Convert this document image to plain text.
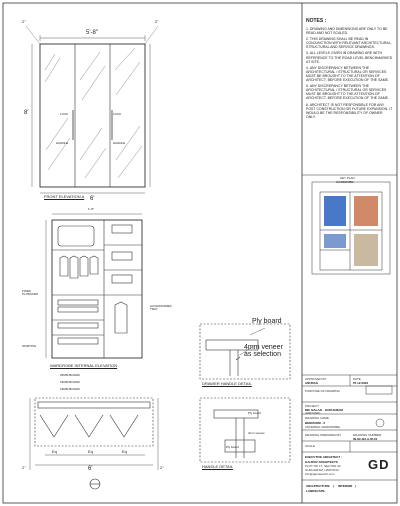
2"	2"
5'-8"
8'	LOCK	LOCK
HANDLE	HANDLE
6'
FRONT ELEVATION A
1'-8"
FIXED PLYBOARD
SKIRTING
ACCESSORIES TRAY
WARDROBE INTERNAL ELEVATION
25MM BOARD
19MM BOARD
19MM BOARD
Eq	Eq	Eq
2"	6'	2"
Ply board
4mm veneer as selection
DRAWER HANDLE DETAIL
Ply board
4mm veneer
Ply board
HANDLE DETAIL
NOTES :
1. DRAWING AND DIMENSIONS ARE ONLY TO BE READ AND NOT SCALED.
2. THIS DRAWING SHALL BE READ IN CONJUNCTION WITH RELEVANT ARCHITECTURAL, STRUCTURAL AND SERVICE DRAWINGS.
3. ALL LEVELS GIVEN IN DRAWING ARE WITH REFERENCE TO THE ROAD LEVEL BENCHMARKED AT SITE.
4. ANY DISCREPANCY BETWEEN THE ARCHITECTURAL / STRUCTURAL OR SERVICES MUST BE BROUGHT TO THE ATTENTION OF ARCHITECT, BEFORE EXECUTION OF THE SAME.
5. ANY DISCREPANCY BETWEEN THE ARCHITECTURAL / STRUCTURAL OR SERVICES MUST BE BROUGHT TO THE ATTENTION OF ARCHITECT, BEFORE EXECUTION OF THE SAME.
6. ARCHITECT IS NOT RESPONSIBLE FOR ANY POST CONSTRUCTION OR FUTURE EXPANSION. IT WOULD BE THE RESPONSIBILITY OF OWNER ONLY.
KEY PLAN
WARDROBE
APPROVED BY
ANURAG
DATE
07.12.2023
PURPOSE OF DRAWING
PROJECT
MR. BALAJI - GURUGRAM
(GROUND)
DRAWING NAME
BEDROOM - 2
(INTERNAL WARDROBE)
DRAWING PREPARED BY	DRAWING NUMBER
IN-GF-B2-A-W-01
SCALE
EXECUTIVE ARCHITECT :
GAURAV ARCHITECTS
PLOT NO 17, SECTOR 44
GURUGRAM, HARYANA
info@gauravarch.com
GD
ARCHITECTURE | INTERIOR |
LANDSCAPE
